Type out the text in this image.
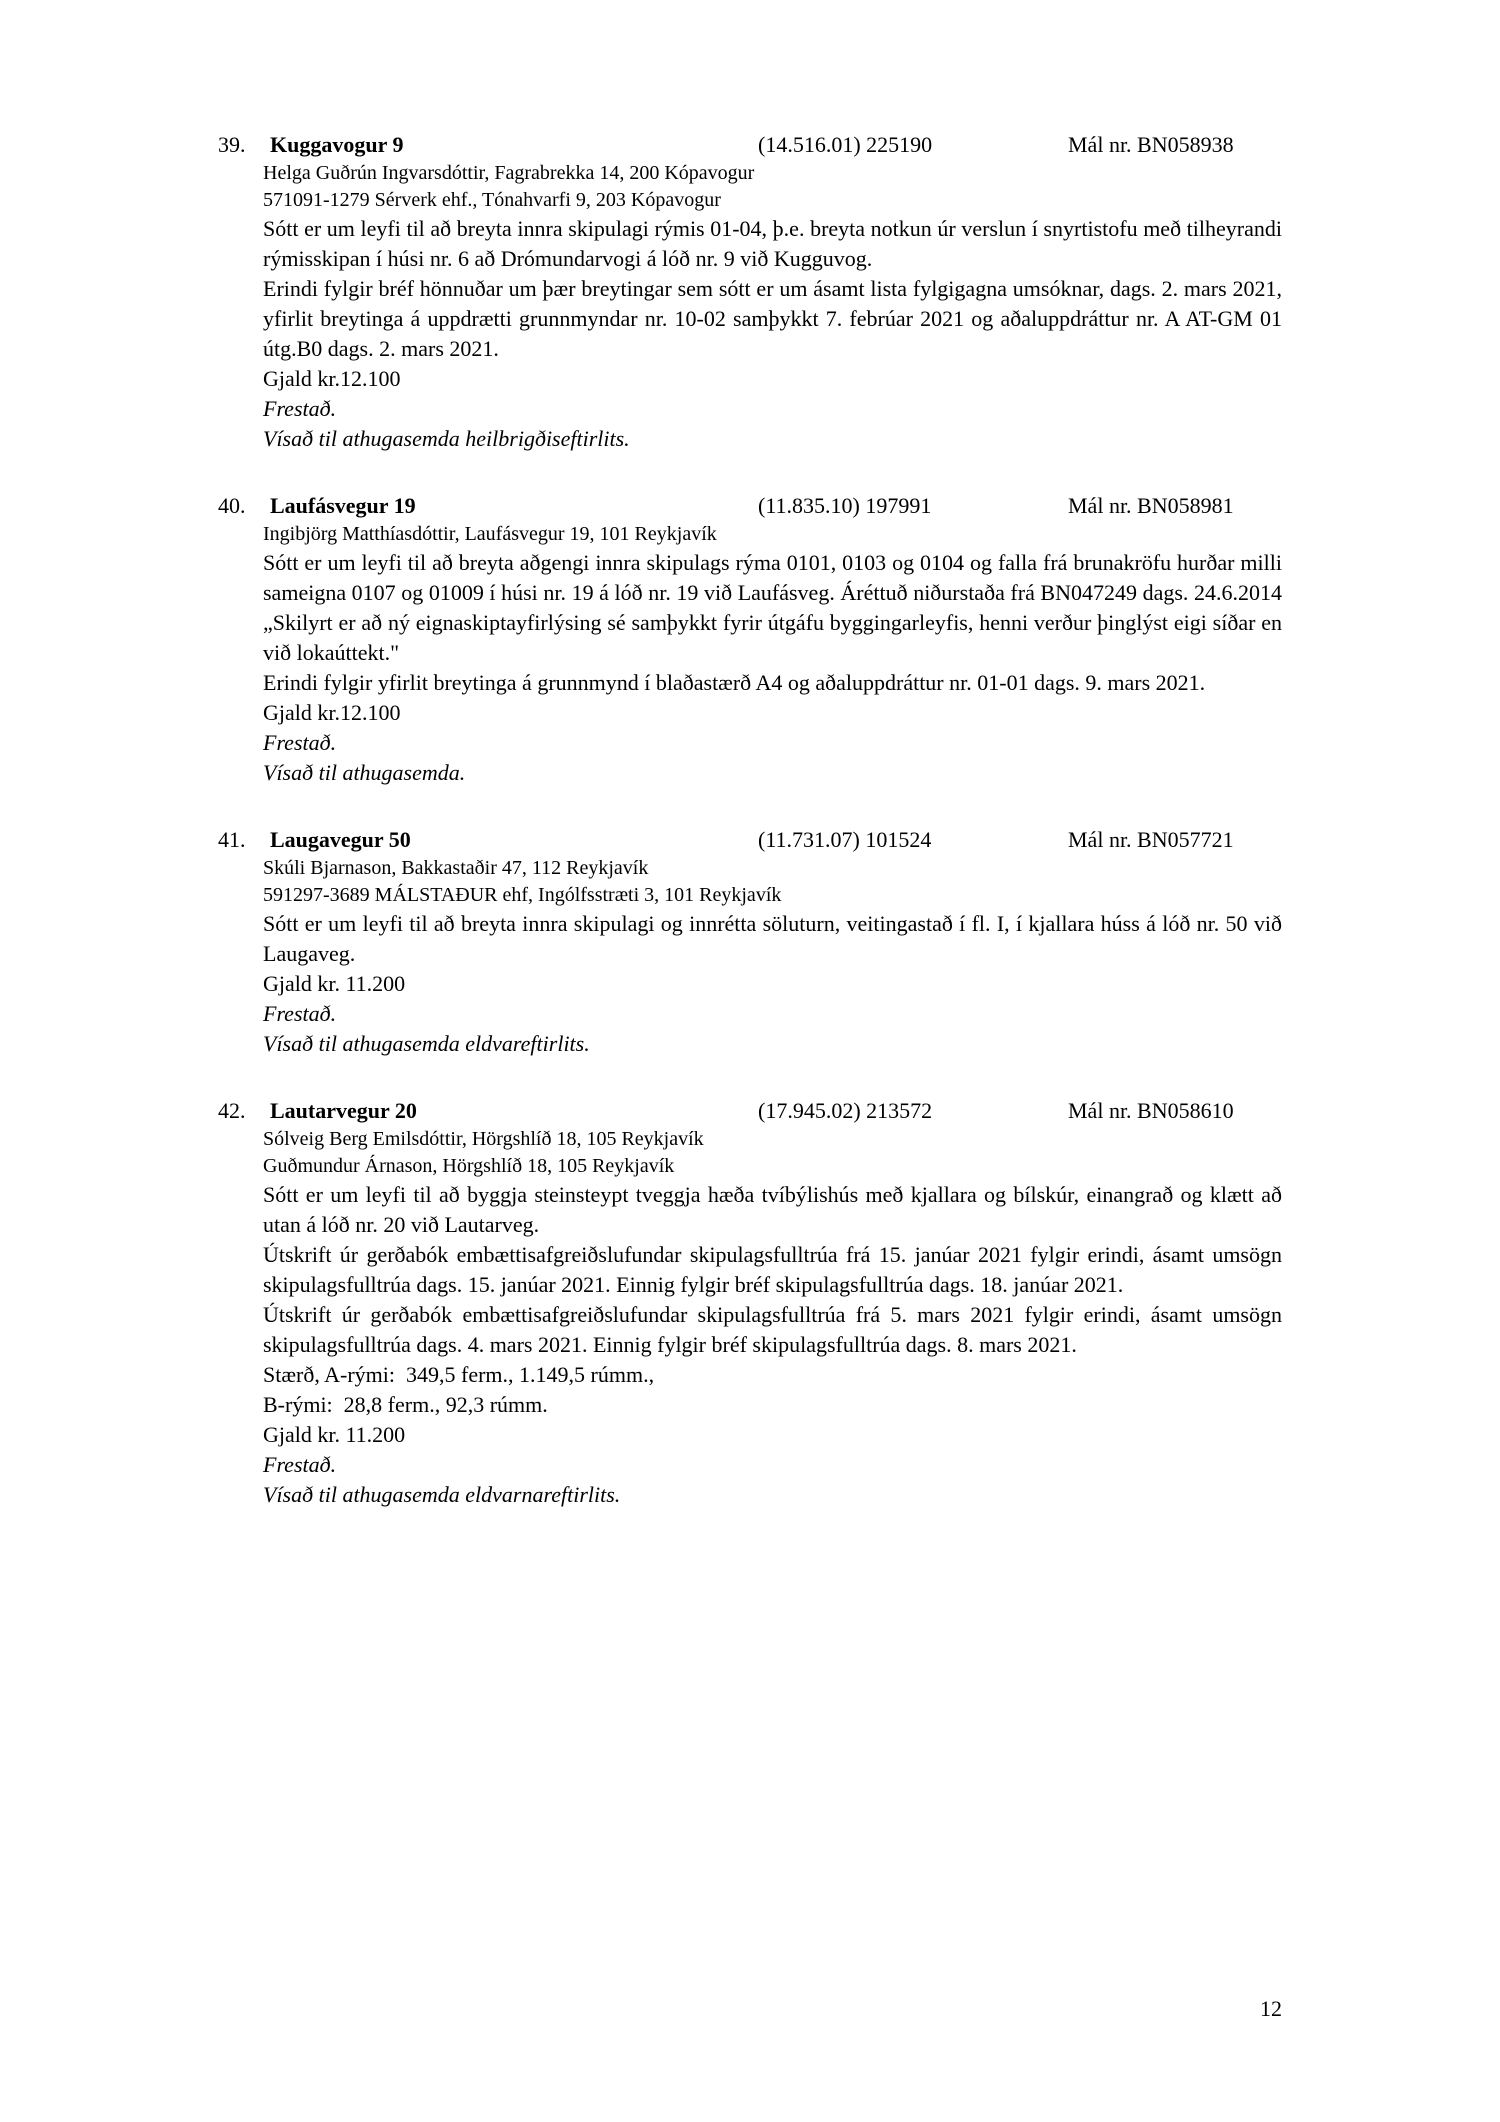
39.	Kuggavogur 9	(14.516.01) 225190	Mál nr. BN058938

Helga Guðrún Ingvarsdóttir, Fagrabrekka 14, 200 Kópavogur

571091-1279 Sérverk ehf., Tónahvarfi 9, 203 Kópavogur

Sótt er um leyfi til að breyta innra skipulagi rýmis 01-04, þ.e. breyta notkun úr verslun í snyrtistofu með tilheyrandi rýmisskipan í húsi nr. 6 að Drómundarvogi á lóð nr. 9 við Kugguvog.

Erindi fylgir bréf hönnuðar um þær breytingar sem sótt er um ásamt lista fylgigagna umsóknar, dags. 2. mars 2021, yfirlit breytinga á uppdrætti grunnmyndar nr. 10-02 samþykkt 7. febrúar 2021 og aðaluppdráttur nr. A AT-GM 01 útg.B0 dags. 2. mars 2021.

Gjald kr.12.100

Frestað.

Vísað til athugasemda heilbrigðiseftirlits.

40.	Laufásvegur 19	(11.835.10) 197991	Mál nr. BN058981

Ingibjörg Matthíasdóttir, Laufásvegur 19, 101 Reykjavík

Sótt er um leyfi til að breyta aðgengi innra skipulags rýma 0101, 0103 og 0104 og falla frá brunakröfu hurðar milli sameigna 0107 og 01009 í húsi nr. 19 á lóð nr. 19 við Laufásveg. Áréttuð niðurstaða frá BN047249 dags. 24.6.2014 „Skilyrt er að ný eignaskiptayfirlýsing sé samþykkt fyrir útgáfu byggingarleyfis, henni verður þinglýst eigi síðar en við lokaúttekt."

Erindi fylgir yfirlit breytinga á grunnmynd í blaðastærð A4 og aðaluppdráttur nr. 01-01 dags. 9. mars 2021.

Gjald kr.12.100

Frestað.

Vísað til athugasemda.

41.	Laugavegur 50	(11.731.07) 101524	Mál nr. BN057721

Skúli Bjarnason, Bakkastaðir 47, 112 Reykjavík

591297-3689 MÁLSTAÐUR ehf, Ingólfsstræti 3, 101 Reykjavík

Sótt er um leyfi til að breyta innra skipulagi og innrétta söluturn, veitingastað í fl. I, í kjallara húss á lóð nr. 50 við Laugaveg.

Gjald kr. 11.200

Frestað.

Vísað til athugasemda eldvareftirlits.

42.	Lautarvegur 20	(17.945.02) 213572	Mál nr. BN058610

Sólveig Berg Emilsdóttir, Hörgshlíð 18, 105 Reykjavík

Guðmundur Árnason, Hörgshlíð 18, 105 Reykjavík

Sótt er um leyfi til að byggja steinsteypt tveggja hæða tvíbýlishús með kjallara og bílskúr, einangrað og klætt að utan á lóð nr. 20 við Lautarveg.

Útskrift úr gerðabók embættisafgreiðslufundar skipulagsfulltrúa frá 15. janúar 2021 fylgir erindi, ásamt umsögn skipulagsfulltrúa dags. 15. janúar 2021. Einnig fylgir bréf skipulagsfulltrúa dags. 18. janúar 2021.

Útskrift úr gerðabók embættisafgreiðslufundar skipulagsfulltrúa frá 5. mars 2021 fylgir erindi, ásamt umsögn skipulagsfulltrúa dags. 4. mars 2021. Einnig fylgir bréf skipulagsfulltrúa dags. 8. mars 2021.

Stærð, A-rými:  349,5 ferm., 1.149,5 rúmm.,

B-rými:  28,8 ferm., 92,3 rúmm.

Gjald kr. 11.200

Frestað.

Vísað til athugasemda eldvarnareftirlits.

12
